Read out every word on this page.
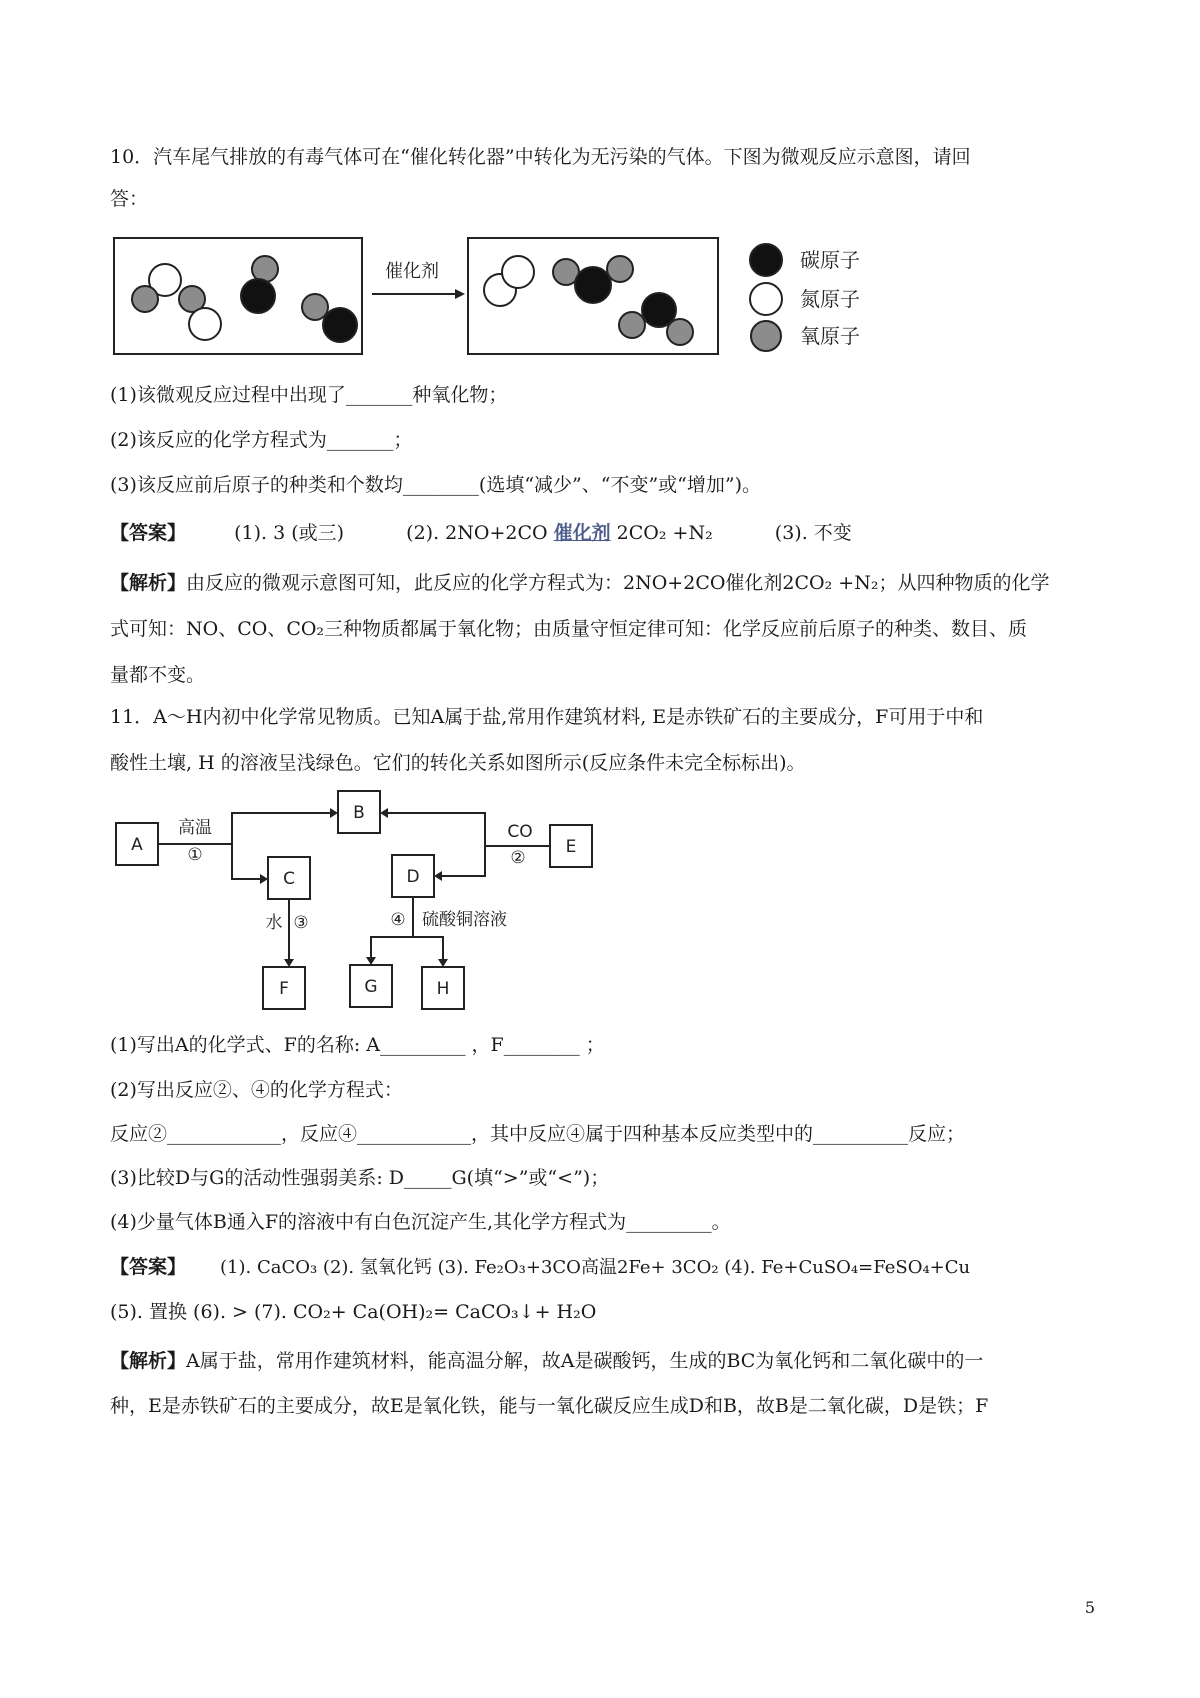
10．汽车尾气排放的有毒气体可在“催化转化器”中转化为无污染的气体。下图为微观反应示意图，请回
答：
催化剂	碳原子
氮原子
氧原子
(1)该微观反应过程中出现了_______种氧化物；
(2)该反应的化学方程式为_______；
(3)该反应前后原子的种类和个数均________(选填“减少”、“不变”或“增加”)。
【答案】	(1). 3 (或三)	(2). 2NO+2CO 催化剂 2CO₂ +N₂	(3). 不变
【解析】由反应的微观示意图可知，此反应的化学方程式为：2NO+2CO催化剂2CO₂ +N₂；从四种物质的化学
式可知：NO、CO、CO₂三种物质都属于氧化物；由质量守恒定律可知：化学反应前后原子的种类、数目、质
量都不变。
11．A～H内初中化学常见物质。已知A属于盐,常用作建筑材料, E是赤铁矿石的主要成分，F可用于中和
酸性土壤, H 的溶液呈浅绿色。它们的转化关系如图所示(反应条件未完全标标出)。
A
B
C	D
E
F	G	H
高温
①
CO
②
水 ③	④ 硫酸铜溶液
(1)写出A的化学式、F的名称: A_________ ，F________ ；
(2)写出反应②、④的化学方程式：
反应②____________，反应④____________，其中反应④属于四种基本反应类型中的__________反应；
(3)比较D与G的活动性强弱美系: D_____G(填“>”或“<”)；
(4)少量气体B通入F的溶液中有白色沉淀产生,其化学方程式为_________。
【答案】 (1). CaCO₃ (2). 氢氧化钙 (3). Fe₂O₃+3CO高温2Fe+ 3CO₂ (4). Fe+CuSO₄=FeSO₄+Cu
(5). 置换 (6). > (7). CO₂+ Ca(OH)₂= CaCO₃↓+ H₂O
【解析】A属于盐，常用作建筑材料，能高温分解，故A是碳酸钙，生成的BC为氧化钙和二氧化碳中的一
种，E是赤铁矿石的主要成分，故E是氧化铁，能与一氧化碳反应生成D和B，故B是二氧化碳，D是铁；F
5
